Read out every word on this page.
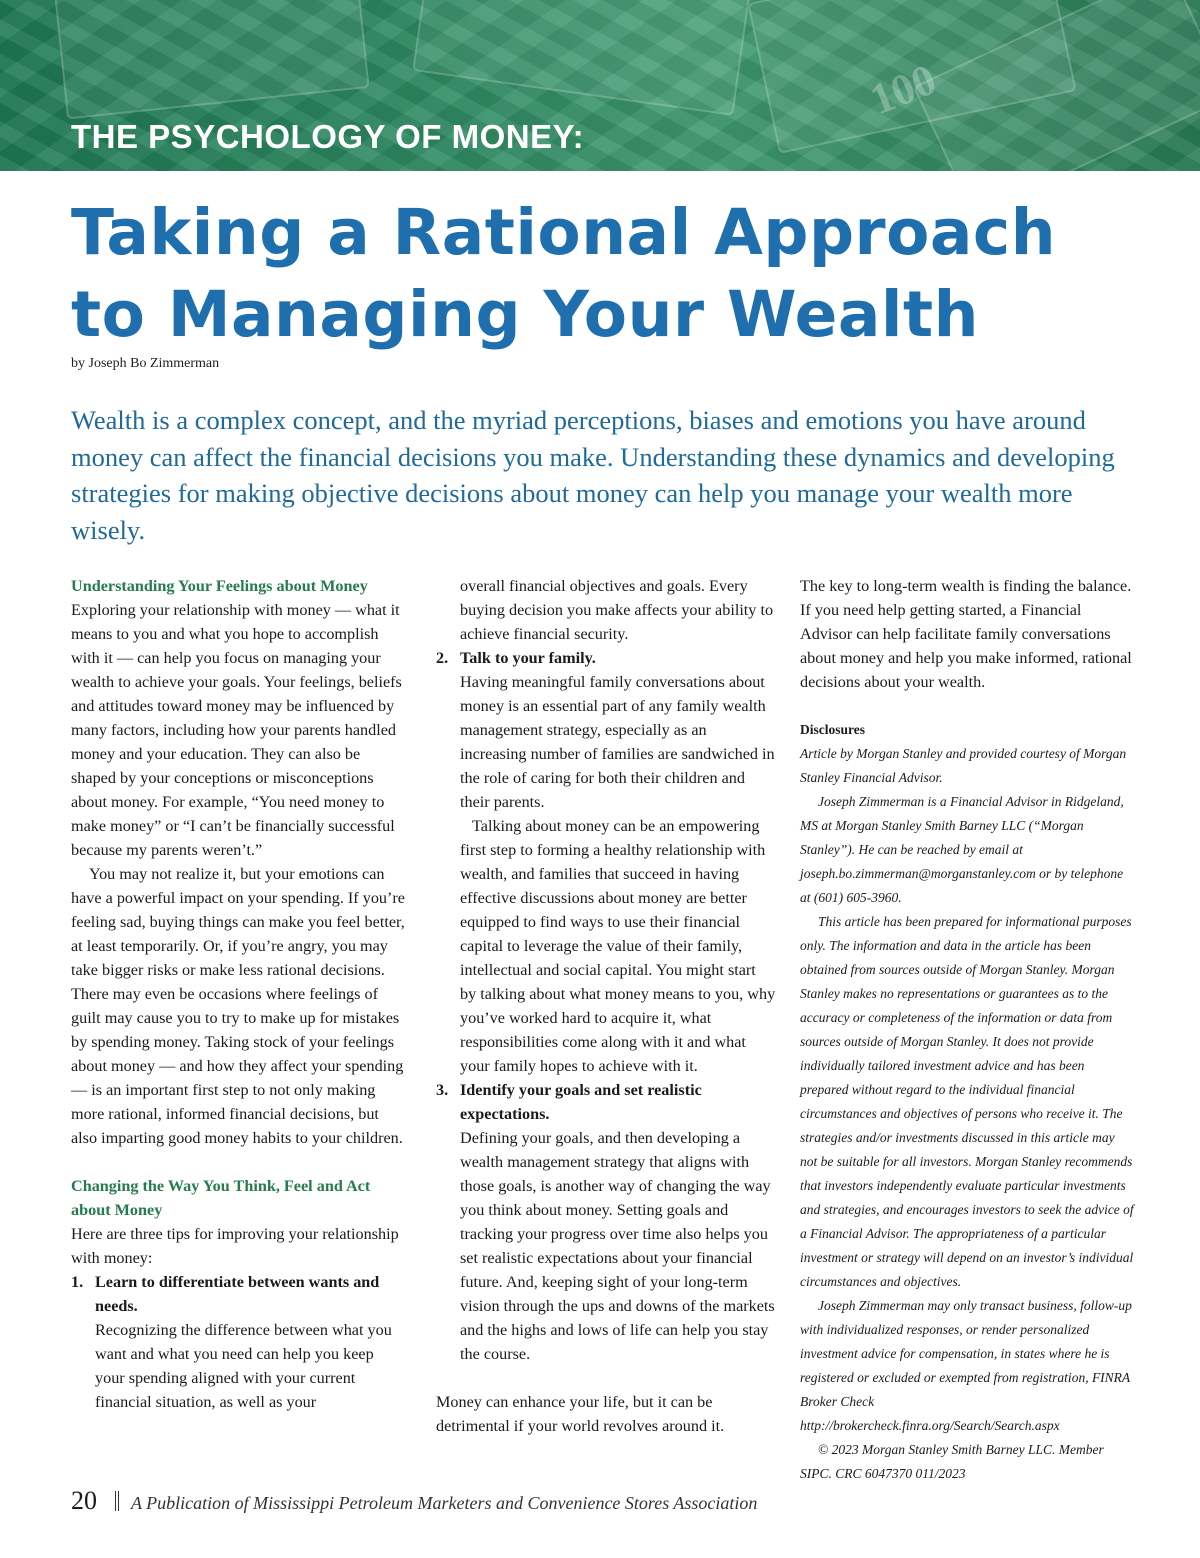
100
THE PSYCHOLOGY OF MONEY:
Taking a Rational Approach
to Managing Your Wealth
by Joseph Bo Zimmerman

Wealth is a complex concept, and the myriad perceptions, biases and emotions you have around money can affect the financial decisions you make. Understanding these dynamics and developing strategies for making objective decisions about money can help you manage your wealth more wisely.

Understanding Your Feelings about Money

Exploring your relationship with money — what it means to you and what you hope to accomplish with it — can help you focus on managing your wealth to achieve your goals. Your feelings, beliefs and attitudes toward money may be influenced by many factors, including how your parents handled money and your education. They can also be shaped by your conceptions or misconceptions about money. For example, “You need money to make money” or “I can’t be financially successful because my parents weren’t.”

You may not realize it, but your emotions can have a powerful impact on your spending. If you’re feeling sad, buying things can make you feel better, at least temporarily. Or, if you’re angry, you may take bigger risks or make less rational decisions. There may even be occasions where feelings of guilt may cause you to try to make up for mistakes by spending money. Taking stock of your feelings about money — and how they affect your spending — is an important first step to not only making more rational, informed financial decisions, but also imparting good money habits to your children.

Changing the Way You Think, Feel and Act about Money

Here are three tips for improving your relationship with money:

1. Learn to differentiate between wants and needs.

Recognizing the difference between what you want and what you need can help you keep your spending aligned with your current financial situation, as well as your

overall financial objectives and goals. Every buying decision you make affects your ability to achieve financial security.

2. Talk to your family.

Having meaningful family conversations about money is an essential part of any family wealth management strategy, especially as an increasing number of families are sandwiched in the role of caring for both their children and their parents.

Talking about money can be an empowering first step to forming a healthy relationship with wealth, and families that succeed in having effective discussions about money are better equipped to find ways to use their financial capital to leverage the value of their family, intellectual and social capital. You might start by talking about what money means to you, why you’ve worked hard to acquire it, what responsibilities come along with it and what your family hopes to achieve with it.

3. Identify your goals and set realistic expectations.

Defining your goals, and then developing a wealth management strategy that aligns with those goals, is another way of changing the way you think about money. Setting goals and tracking your progress over time also helps you set realistic expectations about your financial future. And, keeping sight of your long-term vision through the ups and downs of the markets and the highs and lows of life can help you stay the course.

Money can enhance your life, but it can be detrimental if your world revolves around it.

The key to long-term wealth is finding the balance. If you need help getting started, a Financial Advisor can help facilitate family conversations about money and help you make informed, rational decisions about your wealth.

Disclosures

Article by Morgan Stanley and provided courtesy of Morgan Stanley Financial Advisor.

Joseph Zimmerman is a Financial Advisor in Ridgeland, MS at Morgan Stanley Smith Barney LLC (“Morgan Stanley”). He can be reached by email at joseph.bo.zimmerman@morganstanley.com or by telephone at (601) 605-3960.

This article has been prepared for informational purposes only. The information and data in the article has been obtained from sources outside of Morgan Stanley. Morgan Stanley makes no representations or guarantees as to the accuracy or completeness of the information or data from sources outside of Morgan Stanley. It does not provide individually tailored investment advice and has been prepared without regard to the individual financial circumstances and objectives of persons who receive it. The strategies and/or investments discussed in this article may not be suitable for all investors. Morgan Stanley recommends that investors independently evaluate particular investments and strategies, and encourages investors to seek the advice of a Financial Advisor. The appropriateness of a particular investment or strategy will depend on an investor’s individual circumstances and objectives.

Joseph Zimmerman may only transact business, follow-up with individualized responses, or render personalized investment advice for compensation, in states where he is registered or excluded or exempted from registration, FINRA Broker Check http://brokercheck.finra.org/Search/Search.aspx

© 2023 Morgan Stanley Smith Barney LLC. Member SIPC. CRC 6047370 011/2023

20 A Publication of Mississippi Petroleum Marketers and Convenience Stores Association
